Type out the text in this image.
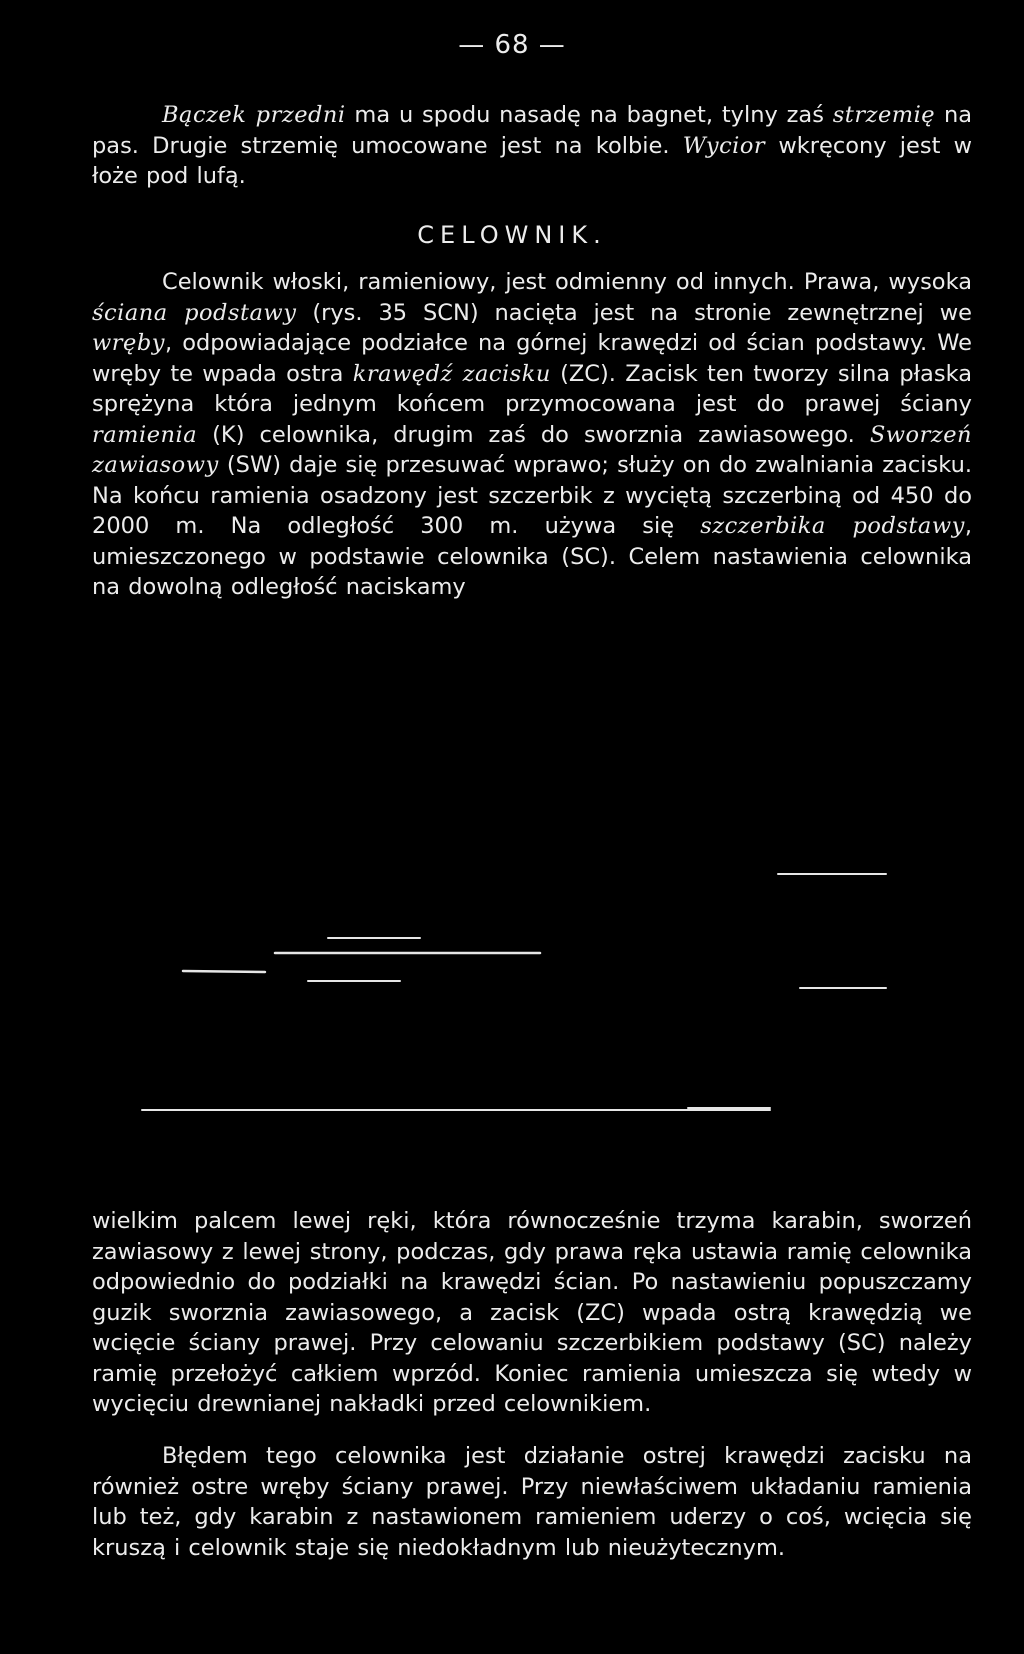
— 68 —

Bączek przedni ma u spodu nasadę na bagnet, tylny zaś strzemię na pas. Drugie strzemię umocowane jest na kolbie. Wycior wkręcony jest w łoże pod lufą.

CELOWNIK.

Celownik włoski, ramieniowy, jest odmienny od innych. Prawa, wysoka ściana podstawy (rys. 35 SCN) nacięta jest na stronie zewnętrznej we wręby, odpowiadające podziałce na górnej krawędzi od ścian podstawy. We wręby te wpada ostra krawędź zacisku (ZC). Zacisk ten tworzy silna płaska sprężyna która jednym końcem przymocowana jest do prawej ściany ramienia (K) celownika, drugim zaś do sworznia zawiasowego. Sworzeń zawiasowy (SW) daje się przesuwać wprawo; służy on do zwalniania zacisku. Na końcu ramienia osadzony jest szczerbik z wyciętą szczerbiną od 450 do 2000 m. Na odległość 300 m. używa się szczerbika podstawy, umieszczonego w podstawie celownika (SC). Celem nastawienia celownika na dowolną odległość naciskamy

wielkim palcem lewej ręki, która równocześnie trzyma karabin, sworzeń zawiasowy z lewej strony, podczas, gdy prawa ręka ustawia ramię celownika odpowiednio do podziałki na krawędzi ścian. Po nastawieniu popuszczamy guzik sworznia zawiasowego, a zacisk (ZC) wpada ostrą krawędzią we wcięcie ściany prawej. Przy celowaniu szczerbikiem podstawy (SC) należy ramię przełożyć całkiem wprzód. Koniec ramienia umieszcza się wtedy w wycięciu drewnianej nakładki przed celownikiem.

Błędem tego celownika jest działanie ostrej krawędzi zacisku na również ostre wręby ściany prawej. Przy niewłaściwem układaniu ramienia lub też, gdy karabin z nastawionem ramieniem uderzy o coś, wcięcia się kruszą i celownik staje się niedokładnym lub nieużytecznym.
